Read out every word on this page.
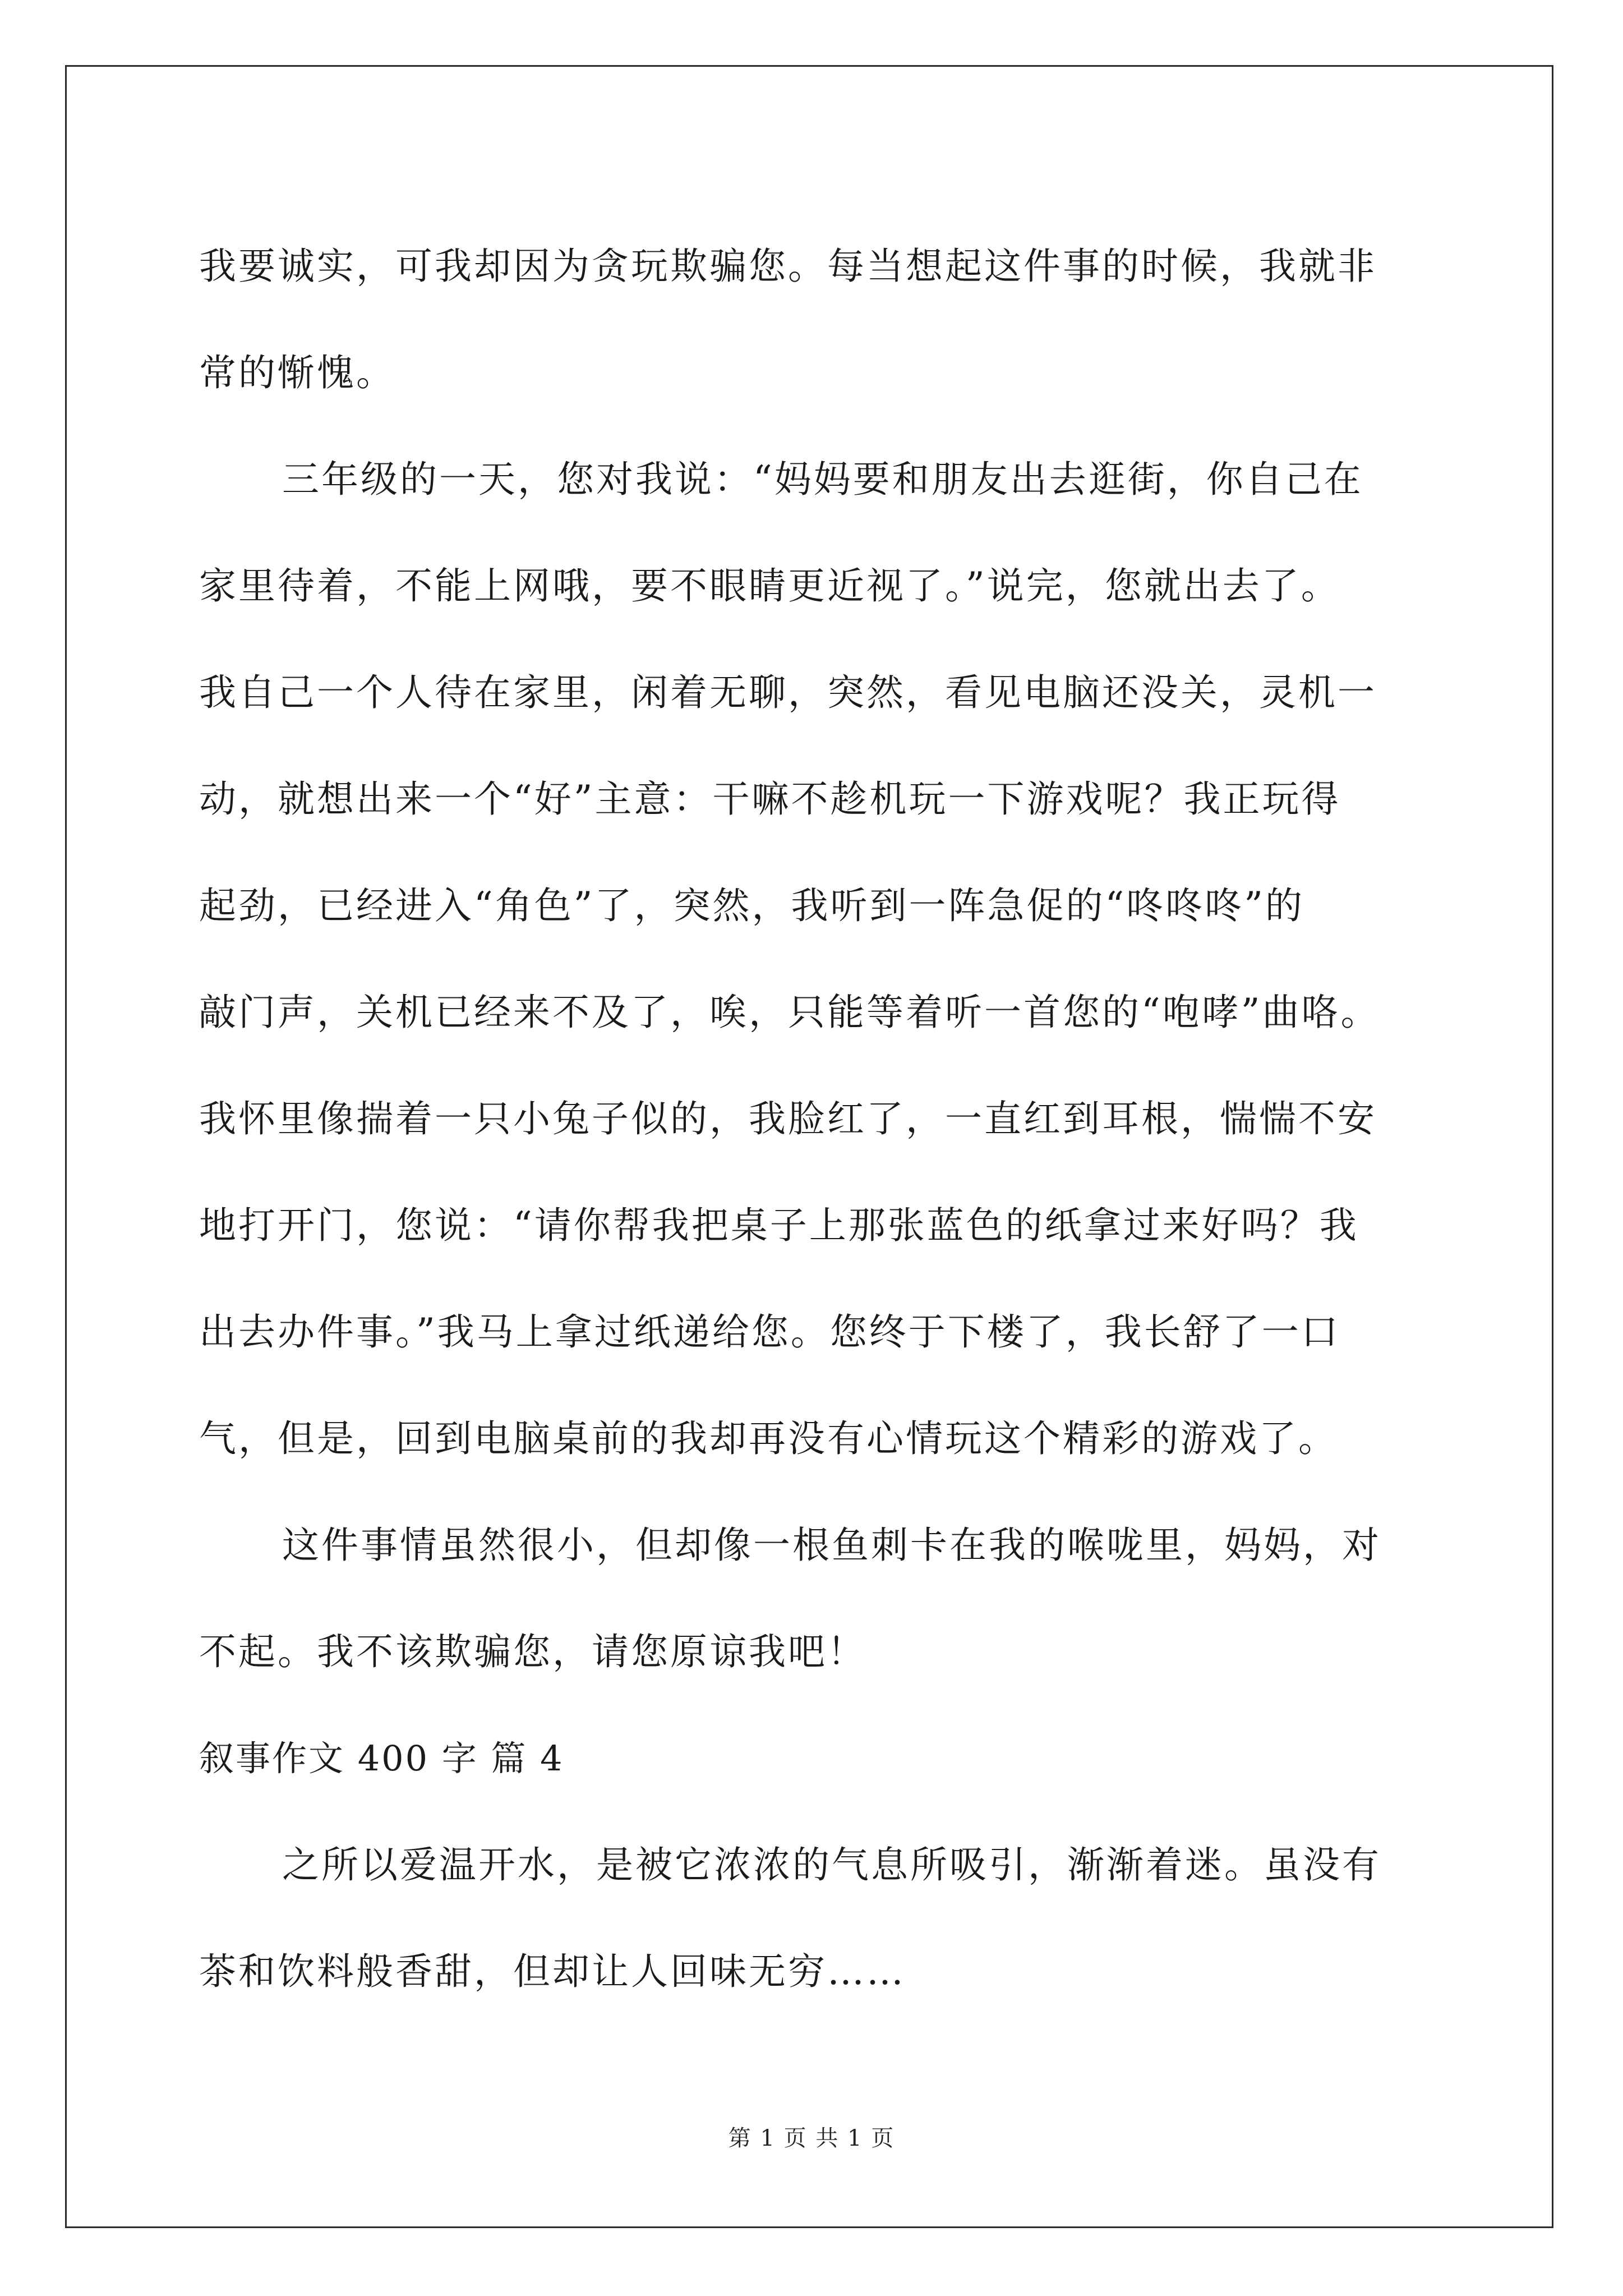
我要诚实，可我却因为贪玩欺骗您。每当想起这件事的时候，我就非
常的惭愧。
三年级的一天，您对我说：“妈妈要和朋友出去逛街，你自己在
家里待着，不能上网哦，要不眼睛更近视了。”说完，您就出去了。
我自己一个人待在家里，闲着无聊，突然，看见电脑还没关，灵机一
动，就想出来一个“好”主意：干嘛不趁机玩一下游戏呢？我正玩得
起劲，已经进入“角色”了，突然，我听到一阵急促的“咚咚咚”的
敲门声，关机已经来不及了，唉，只能等着听一首您的“咆哮”曲咯。
我怀里像揣着一只小兔子似的，我脸红了，一直红到耳根，惴惴不安
地打开门，您说：“请你帮我把桌子上那张蓝色的纸拿过来好吗？我
出去办件事。”我马上拿过纸递给您。您终于下楼了，我长舒了一口
气，但是，回到电脑桌前的我却再没有心情玩这个精彩的游戏了。
这件事情虽然很小，但却像一根鱼刺卡在我的喉咙里，妈妈，对
不起。我不该欺骗您，请您原谅我吧！
叙事作文 400 字 篇 4
之所以爱温开水，是被它浓浓的气息所吸引，渐渐着迷。虽没有
茶和饮料般香甜，但却让人回味无穷……
第 1 页 共 1 页
